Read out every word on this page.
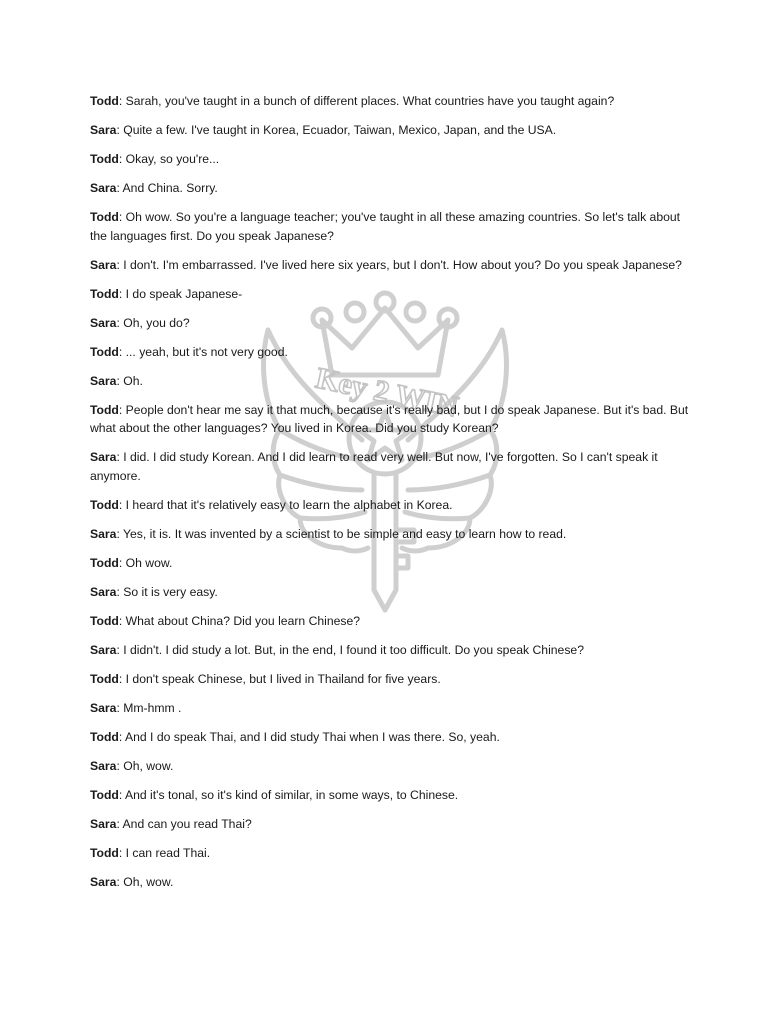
Key 2 WIN
Todd: Sarah, you've taught in a bunch of different places. What countries have you taught again?
Sara: Quite a few. I've taught in Korea, Ecuador, Taiwan, Mexico, Japan, and the USA.
Todd: Okay, so you're...
Sara: And China. Sorry.
Todd: Oh wow. So you're a language teacher; you've taught in all these amazing countries. So let's talk about the languages first. Do you speak Japanese?
Sara: I don't. I'm embarrassed. I've lived here six years, but I don't. How about you? Do you speak Japanese?
Todd: I do speak Japanese-
Sara: Oh, you do?
Todd: ... yeah, but it's not very good.
Sara: Oh.
Todd: People don't hear me say it that much, because it's really bad, but I do speak Japanese. But it's bad. But what about the other languages? You lived in Korea. Did you study Korean?
Sara: I did. I did study Korean. And I did learn to read very well. But now, I've forgotten. So I can't speak it anymore.
Todd: I heard that it's relatively easy to learn the alphabet in Korea.
Sara: Yes, it is. It was invented by a scientist to be simple and easy to learn how to read.
Todd: Oh wow.
Sara: So it is very easy.
Todd: What about China? Did you learn Chinese?
Sara: I didn't. I did study a lot. But, in the end, I found it too difficult. Do you speak Chinese?
Todd: I don't speak Chinese, but I lived in Thailand for five years.
Sara: Mm-hmm .
Todd: And I do speak Thai, and I did study Thai when I was there. So, yeah.
Sara: Oh, wow.
Todd: And it's tonal, so it's kind of similar, in some ways, to Chinese.
Sara: And can you read Thai?
Todd: I can read Thai.
Sara: Oh, wow.
